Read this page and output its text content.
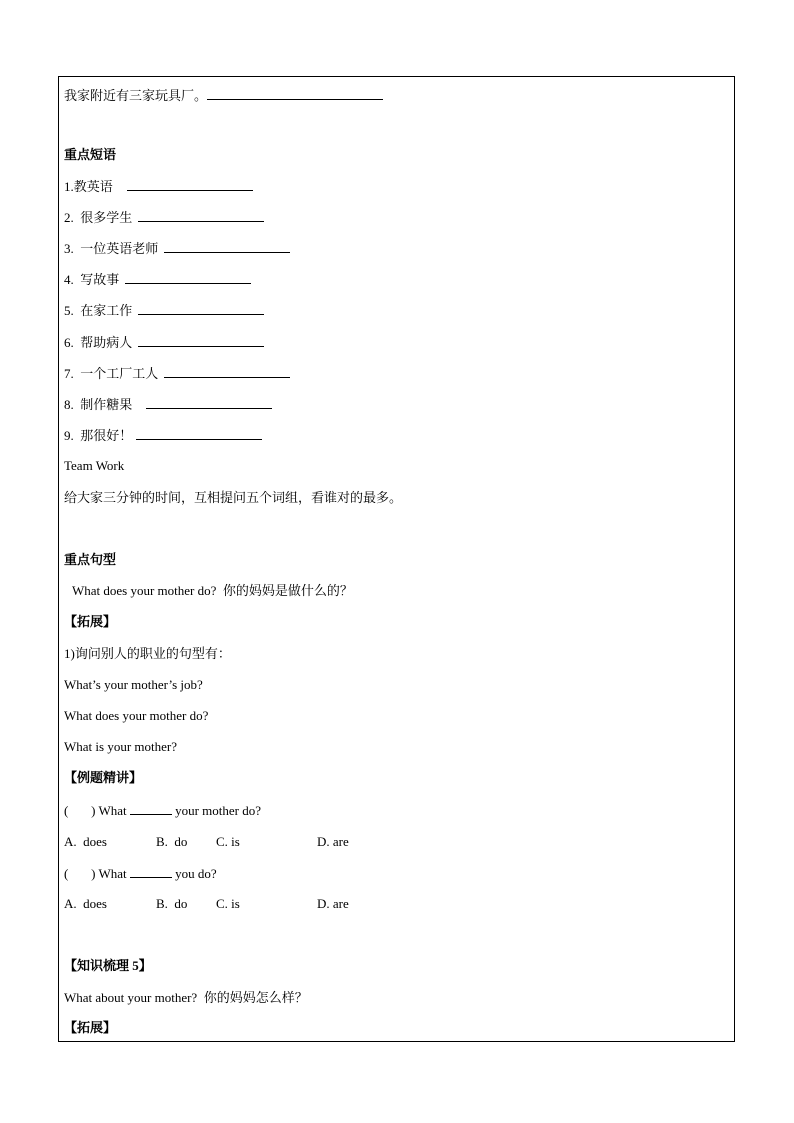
我家附近有三家玩具厂。
重点短语
1.教英语
2. 很多学生
3. 一位英语老师
4. 写故事
5. 在家工作
6. 帮助病人
7. 一个工厂工人
8. 制作糖果
9. 那很好！
Team Work
给大家三分钟的时间，互相提问五个词组，看谁对的最多。
重点句型
What does your mother do?  你的妈妈是做什么的？
【拓展】
1)询问别人的职业的句型有：
What’s your mother’s job?
What does your mother do?
What is your mother?
【例题精讲】
(       ) What	your mother do?

A.  does

	B.  do

C. is

	D. are

(       ) What	you do?

A.  does

	B.  do

C. is

	D. are

【知识梳理 5】
What about your mother?  你的妈妈怎么样？
【拓展】
